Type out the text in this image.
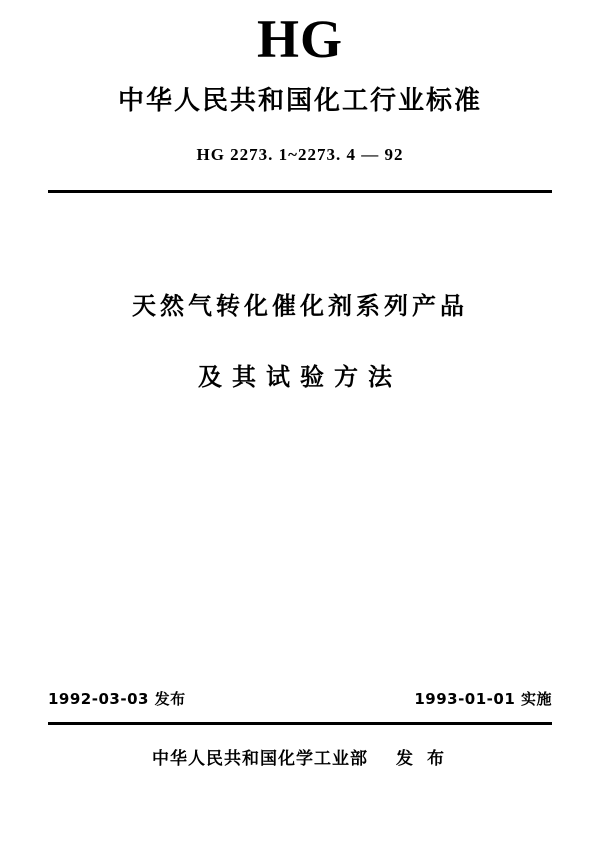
HG
中华人民共和国化工行业标准
HG 2273. 1~2273. 4 — 92
天然气转化催化剂系列产品
及其试验方法
1992-03-03 发布	1993-01-01 实施
中华人民共和国化学工业部 发 布
